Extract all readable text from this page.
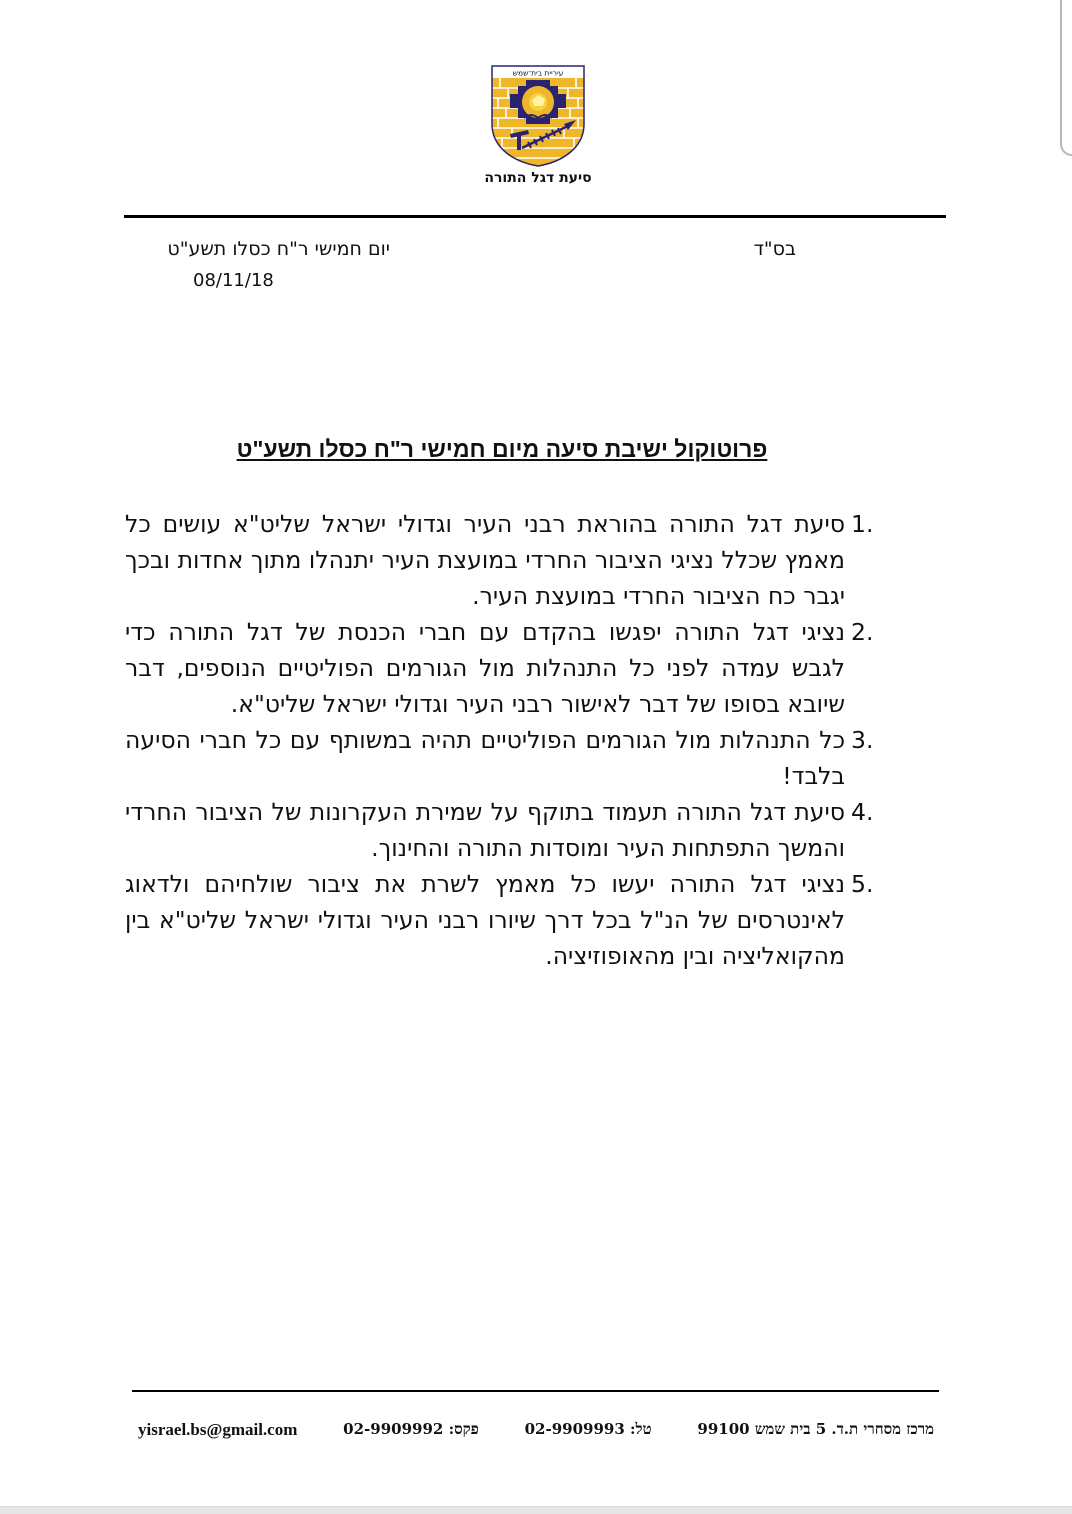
עיריית בית־שמש
סיעת דגל התורה
בס"ד
יום חמישי ר"ח כסלו תשע"ט
08/11/18
פרוטוקול ישיבת סיעה מיום חמישי ר"ח כסלו תשע"ט
1.
סיעת דגל התורה בהוראת רבני העיר וגדולי ישראל שליט"א עושים כל מאמץ שכלל נציגי הציבור החרדי במועצת העיר יתנהלו מתוך אחדות ובכך יגבר כח הציבור החרדי במועצת העיר.
2.
נציגי דגל התורה יפגשו בהקדם עם חברי הכנסת של דגל התורה כדי לגבש עמדה לפני כל התנהלות מול הגורמים הפוליטיים הנוספים, דבר שיובא בסופו של דבר לאישור רבני העיר וגדולי ישראל שליט"א.
3.
כל התנהלות מול הגורמים הפוליטיים תהיה במשותף עם כל חברי הסיעה בלבד!
4.
סיעת דגל התורה תעמוד בתוקף על שמירת העקרונות של הציבור החרדי והמשך התפתחות העיר ומוסדות התורה והחינוך.
5.
נציגי דגל התורה יעשו כל מאמץ לשרת את ציבור שולחיהם ולדאוג לאינטרסים של הנ"ל בכל דרך שיורו רבני העיר וגדולי ישראל שליט"א בין מהקואליציה ובין מהאופוזיציה.
מרכז מסחרי ת.ד. 5 בית שמש 99100
טל: 02-9909993
פקס: 02-9909992
yisrael.bs@gmail.com
